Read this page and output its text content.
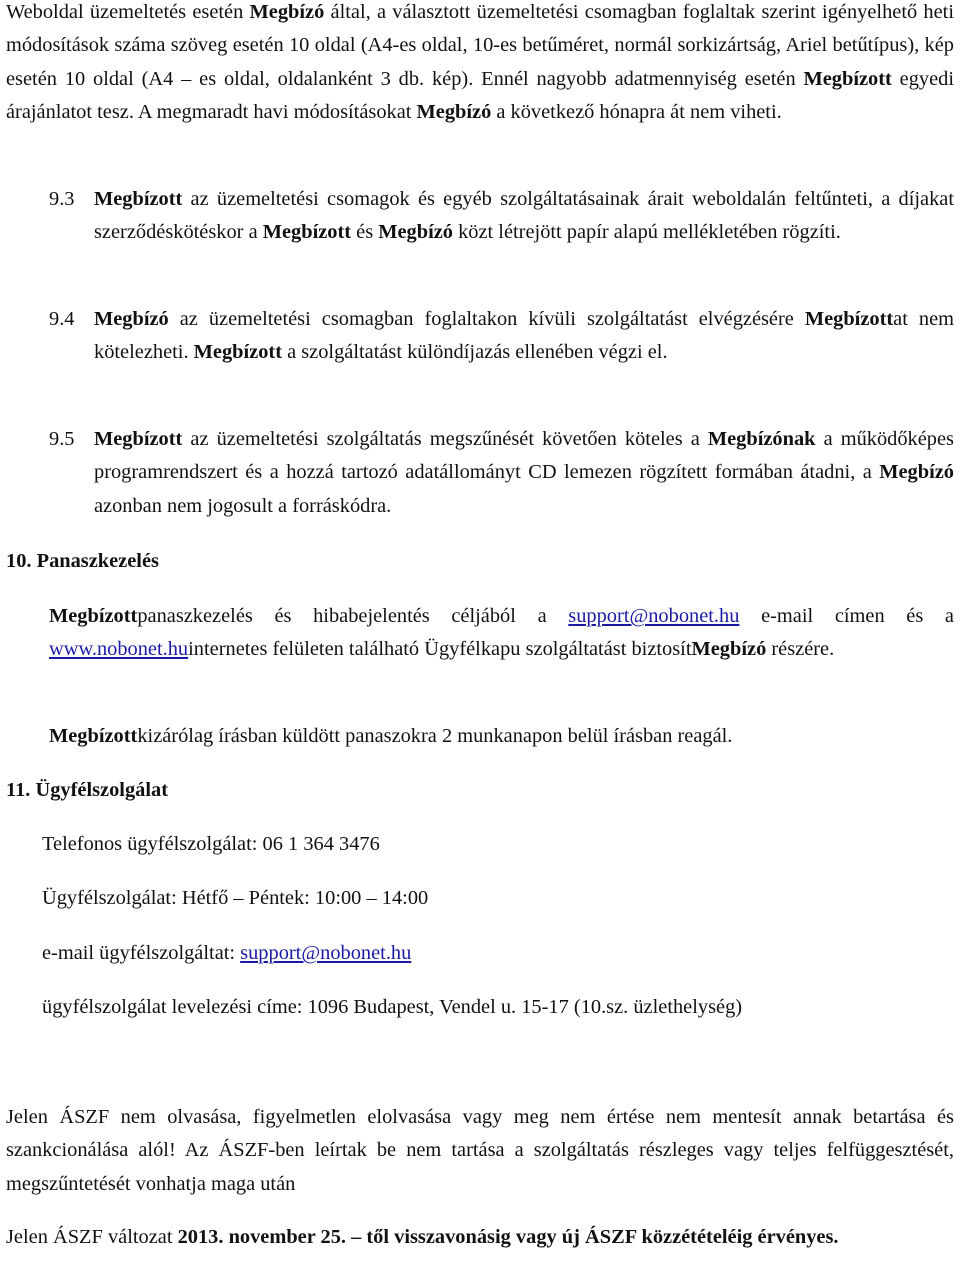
Weboldal üzemeltetés esetén Megbízó által, a választott üzemeltetési csomagban foglaltak szerint igényelhető heti módosítások száma szöveg esetén 10 oldal (A4-es oldal, 10-es betűméret, normál sorkizártság, Ariel betűtípus), kép esetén 10 oldal (A4 – es oldal, oldalanként 3 db. kép). Ennél nagyobb adatmennyiség esetén Megbízott egyedi árajánlatot tesz. A megmaradt havi módosításokat Megbízó a következő hónapra át nem viheti.

9.3 Megbízott az üzemeltetési csomagok és egyéb szolgáltatásainak árait weboldalán feltűnteti, a díjakat szerződéskötéskor a Megbízott és Megbízó közt létrejött papír alapú mellékletében rögzíti.

9.4 Megbízó az üzemeltetési csomagban foglaltakon kívüli szolgáltatást elvégzésére Megbízottat nem kötelezheti. Megbízott a szolgáltatást különdíjazás ellenében végzi el.

9.5 Megbízott az üzemeltetési szolgáltatás megszűnését követően köteles a Megbízónak a működőképes programrendszert és a hozzá tartozó adatállományt CD lemezen rögzített formában átadni, a Megbízó azonban nem jogosult a forráskódra.

10. Panaszkezelés

Megbízottpanaszkezelés és hibabejelentés céljából a support@nobonet.hu e-mail címen és a www.nobonet.huinternetes felületen található Ügyfélkapu szolgáltatást biztosítMegbízó részére.

Megbízottkizárólag írásban küldött panaszokra 2 munkanapon belül írásban reagál.

11. Ügyfélszolgálat
Telefonos ügyfélszolgálat: 06 1 364 3476
Ügyfélszolgálat: Hétfő – Péntek: 10:00 – 14:00
e-mail ügyfélszolgáltat: support@nobonet.hu
ügyfélszolgálat levelezési címe: 1096 Budapest, Vendel u. 15-17 (10.sz. üzlethelység)

Jelen ÁSZF nem olvasása, figyelmetlen elolvasása vagy meg nem értése nem mentesít annak betartása és szankcionálása alól! Az ÁSZF-ben leírtak be nem tartása a szolgáltatás részleges vagy teljes felfüggesztését, megszűntetését vonhatja maga után

Jelen ÁSZF változat 2013. november 25. – től visszavonásig vagy új ÁSZF közzétételéig érvényes.
